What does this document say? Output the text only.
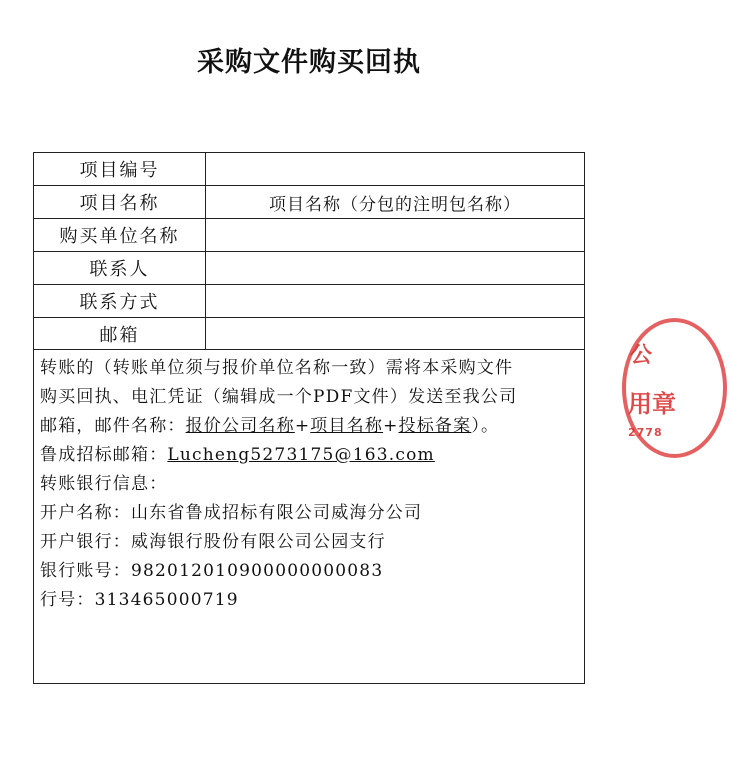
采购文件购买回执
项目编号
项目名称	项目名称（分包的注明包名称）
购买单位名称
联系人
联系方式
邮箱

转账的（转账单位须与报价单位名称一致）需将本采购文件

购买回执、电汇凭证（编辑成一个PDF文件）发送至我公司

邮箱，邮件名称：报价公司名称+项目名称+投标备案）。

鲁成招标邮箱：Lucheng5273175@163.com

转账银行信息：

开户名称：山东省鲁成招标有限公司威海分公司

开户银行：威海银行股份有限公司公园支行

银行账号：982012010900000000083

行号：313465000719

公
用章
2778
